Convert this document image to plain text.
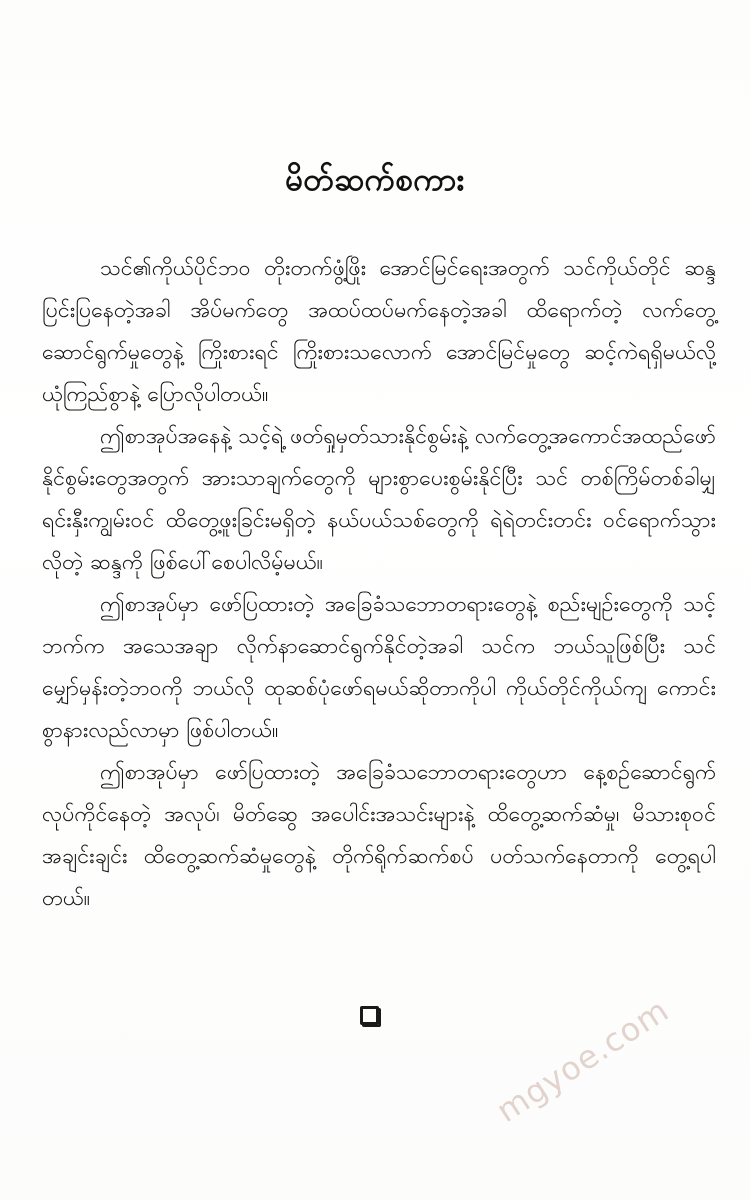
မိတ်ဆက်စကား

သင်၏ကိုယ်ပိုင်ဘဝ တိုးတက်ဖွံ့ဖြိုး အောင်မြင်ရေးအတွက် သင်ကိုယ်တိုင် ဆန္ဒပြင်းပြနေတဲ့အခါ အိပ်မက်တွေ အထပ်ထပ်မက်နေတဲ့အခါ ထိရောက်တဲ့ လက်တွေ့ဆောင်ရွက်မှုတွေနဲ့ ကြိုးစားရင် ကြိုးစားသလောက် အောင်မြင်မှုတွေ ဆင့်ကဲရရှိမယ်လို့ ယုံကြည်စွာနဲ့ ပြောလိုပါတယ်။

ဤစာအုပ်အနေနဲ့ သင့်ရဲ့ ဖတ်ရှုမှတ်သားနိုင်စွမ်းနဲ့ လက်တွေ့အကောင်အထည်ဖော်နိုင်စွမ်းတွေအတွက် အားသာချက်တွေကို များစွာပေးစွမ်းနိုင်ပြီး သင် တစ်ကြိမ်တစ်ခါမျှ ရင်းနှီးကျွမ်းဝင် ထိတွေ့ဖူးခြင်းမရှိတဲ့ နယ်ပယ်သစ်တွေကို ရဲရဲတင်းတင်း ဝင်ရောက်သွားလိုတဲ့ ဆန္ဒကို ဖြစ်ပေါ်စေပါလိမ့်မယ်။

ဤစာအုပ်မှာ ဖော်ပြထားတဲ့ အခြေခံသဘောတရားတွေနဲ့ စည်းမျဉ်းတွေကို သင့်ဘက်က အသေအချာ လိုက်နာဆောင်ရွက်နိုင်တဲ့အခါ သင်က ဘယ်သူဖြစ်ပြီး သင်မျှော်မှန်းတဲ့ဘဝကို ဘယ်လို ထုဆစ်ပုံဖော်ရမယ်ဆိုတာကိုပါ ကိုယ်တိုင်ကိုယ်ကျ ကောင်းစွာနားလည်လာမှာ ဖြစ်ပါတယ်။

ဤစာအုပ်မှာ ဖော်ပြထားတဲ့ အခြေခံသဘောတရားတွေဟာ နေ့စဉ်ဆောင်ရွက် လုပ်ကိုင်နေတဲ့ အလုပ်၊ မိတ်ဆွေ အပေါင်းအသင်းများနဲ့ ထိတွေ့ဆက်ဆံမှု၊ မိသားစုဝင်အချင်းချင်း ထိတွေ့ဆက်ဆံမှုတွေနဲ့ တိုက်ရိုက်ဆက်စပ် ပတ်သက်နေတာကို တွေ့ရပါတယ်။

mgyoe.com
